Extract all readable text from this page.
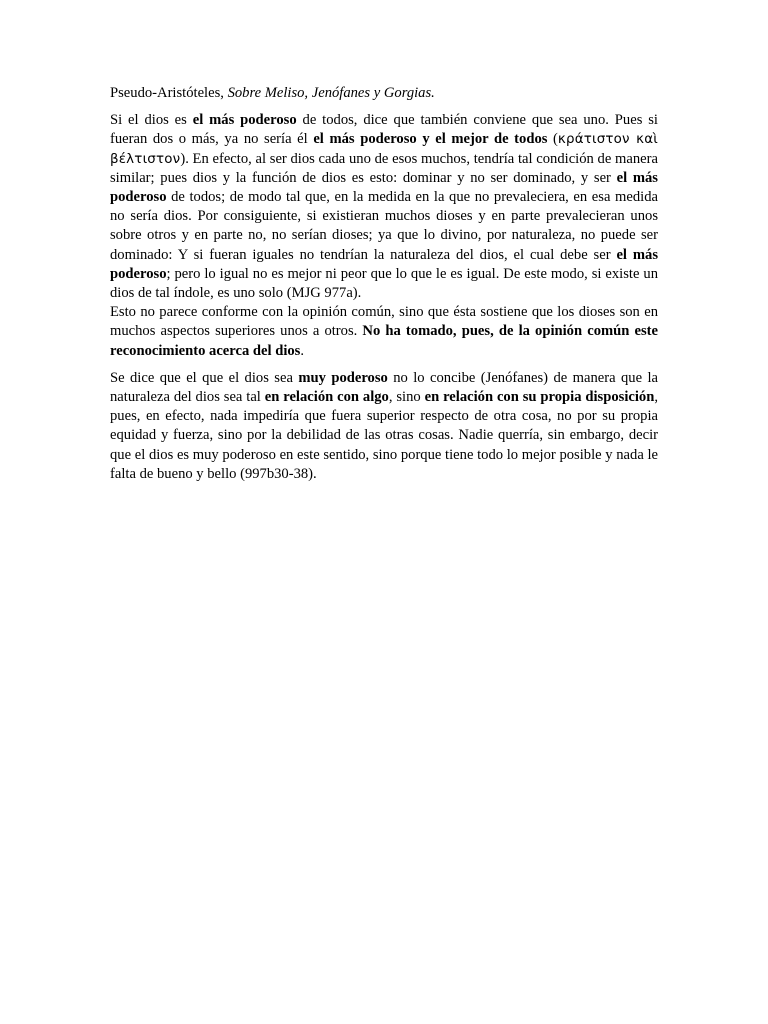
Pseudo-Aristóteles, Sobre Meliso, Jenófanes y Gorgias.

Si el dios es el más poderoso de todos, dice que también conviene que sea uno. Pues si fueran dos o más, ya no sería él el más poderoso y el mejor de todos (κράτιστον καὶ βέλτιστον). En efecto, al ser dios cada uno de esos muchos, tendría tal condición de manera similar; pues dios y la función de dios es esto: dominar y no ser dominado, y ser el más poderoso de todos; de modo tal que, en la medida en la que no prevaleciera, en esa medida no sería dios. Por consiguiente, si existieran muchos dioses y en parte prevalecieran unos sobre otros y en parte no, no serían dioses; ya que lo divino, por naturaleza, no puede ser dominado: Y si fueran iguales no tendrían la naturaleza del dios, el cual debe ser el más poderoso; pero lo igual no es mejor ni peor que lo que le es igual. De este modo, si existe un dios de tal índole, es uno solo (MJG 977a).

Esto no parece conforme con la opinión común, sino que ésta sostiene que los dioses son en muchos aspectos superiores unos a otros. No ha tomado, pues, de la opinión común este reconocimiento acerca del dios.

Se dice que el que el dios sea muy poderoso no lo concibe (Jenófanes) de manera que la naturaleza del dios sea tal en relación con algo, sino en relación con su propia disposición, pues, en efecto, nada impediría que fuera superior respecto de otra cosa, no por su propia equidad y fuerza, sino por la debilidad de las otras cosas. Nadie querría, sin embargo, decir que el dios es muy poderoso en este sentido, sino porque tiene todo lo mejor posible y nada le falta de bueno y bello (997b30-38).
